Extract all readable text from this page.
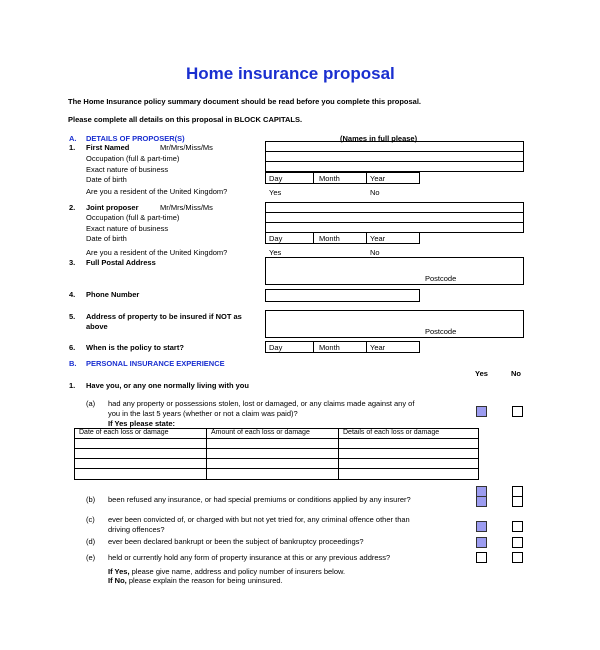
Home insurance proposal
The Home Insurance policy summary document should be read before you complete this proposal.
Please complete all details on this proposal in BLOCK CAPITALS.
A. DETAILS OF PROPOSER(S)	(Names in full please)
1. First Named	Mr/Mrs/Miss/Ms
Occupation (full & part-time)
Exact nature of business
Date of birth
Are you a resident of the United Kingdom?
Day	Month	Year
Yes	No
2. Joint proposer	Mr/Mrs/Miss/Ms
Occupation (full & part-time)
Exact nature of business
Date of birth
Are you a resident of the United Kingdom?
Day	Month	Year
Yes	No
3. Full Postal Address
Postcode
4. Phone Number
5. Address of property to be insured if NOT as
above
Postcode
6. When is the policy to start?	Day	Month	Year
B. PERSONAL INSURANCE EXPERIENCE
Yes	No
1. Have you, or any one normally living with you
(a) had any property or possessions stolen, lost or damaged, or any claims made against any of
you in the last 5 years (whether or not a claim was paid)?
If Yes please state:
Date of each loss or damage	Amount of each loss or damage	Details of each loss or damage
(b) been refused any insurance, or had special premiums or conditions applied by any insurer?
(c) ever been convicted of, or charged with but not yet tried for, any criminal offence other than
driving offences?
(d) ever been declared bankrupt or been the subject of bankruptcy proceedings?
(e) held or currently hold any form of property insurance at this or any previous address?
If Yes, please give name, address and policy number of insurers below.
If No, please explain the reason for being uninsured.
